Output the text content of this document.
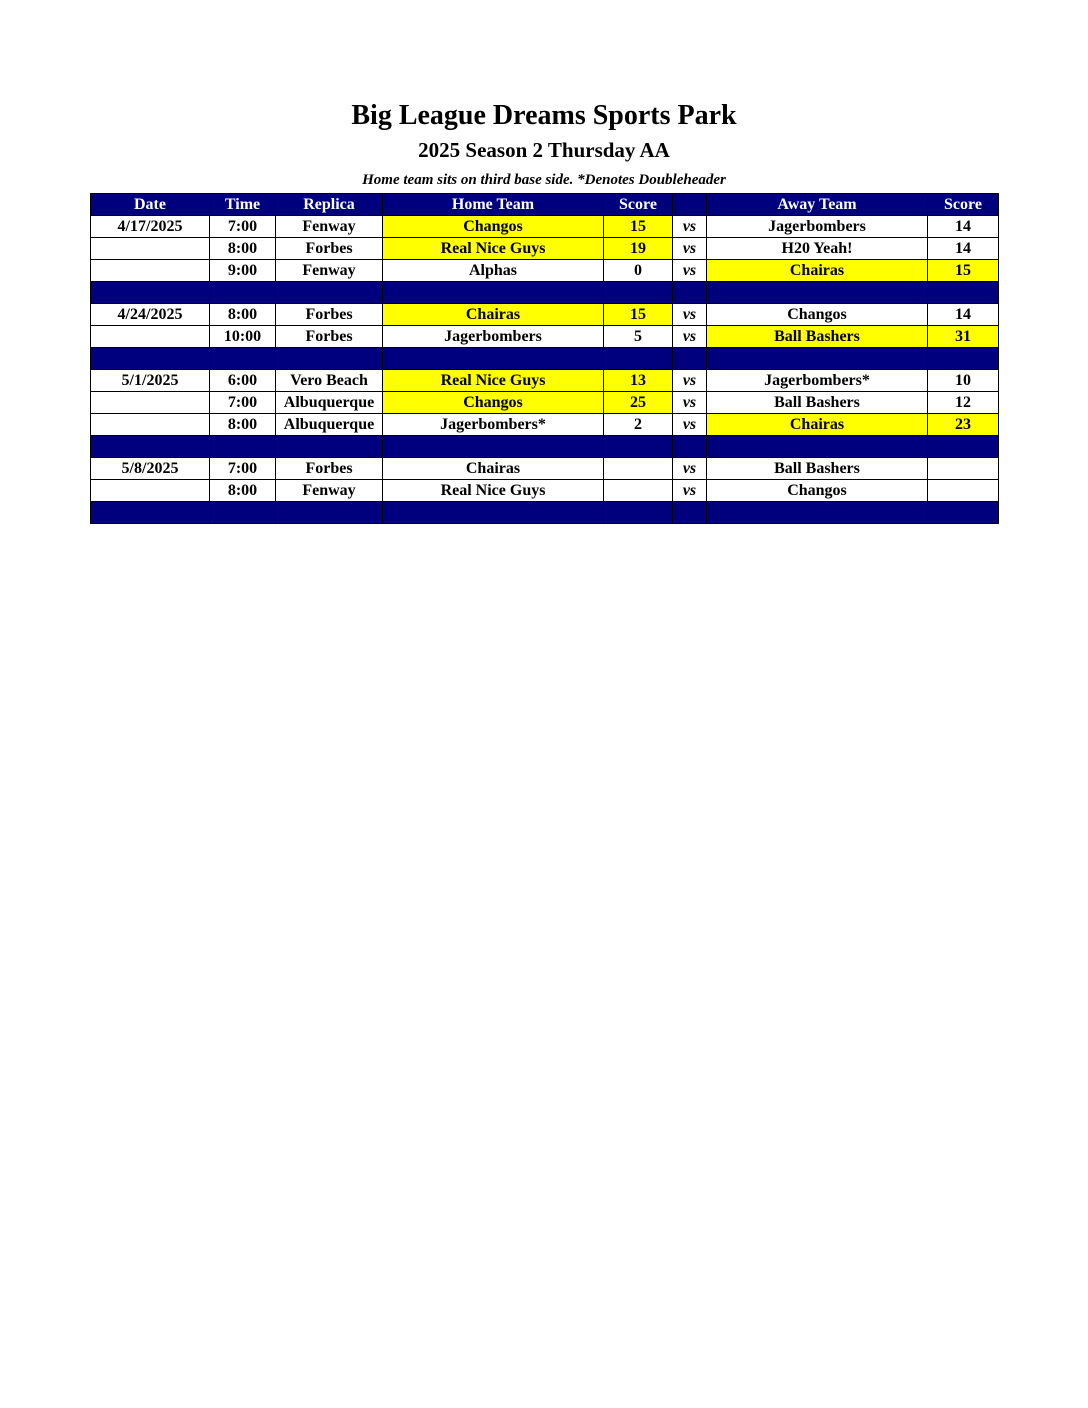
Big League Dreams Sports Park
2025 Season 2 Thursday AA
Home team sits on third base side. *Denotes Doubleheader
Date	Time	Replica	Home Team	Score		Away Team	Score
4/17/2025	7:00	Fenway	Changos	15	vs	Jagerbombers	14
	8:00	Forbes	Real Nice Guys	19	vs	H20 Yeah!	14
	9:00	Fenway	Alphas	0	vs	Chairas	15

4/24/2025	8:00	Forbes	Chairas	15	vs	Changos	14
	10:00	Forbes	Jagerbombers	5	vs	Ball Bashers	31

5/1/2025	6:00	Vero Beach	Real Nice Guys	13	vs	Jagerbombers*	10
	7:00	Albuquerque	Changos	25	vs	Ball Bashers	12
	8:00	Albuquerque	Jagerbombers*	2	vs	Chairas	23

5/8/2025	7:00	Forbes	Chairas		vs	Ball Bashers	
	8:00	Fenway	Real Nice Guys		vs	Changos	
